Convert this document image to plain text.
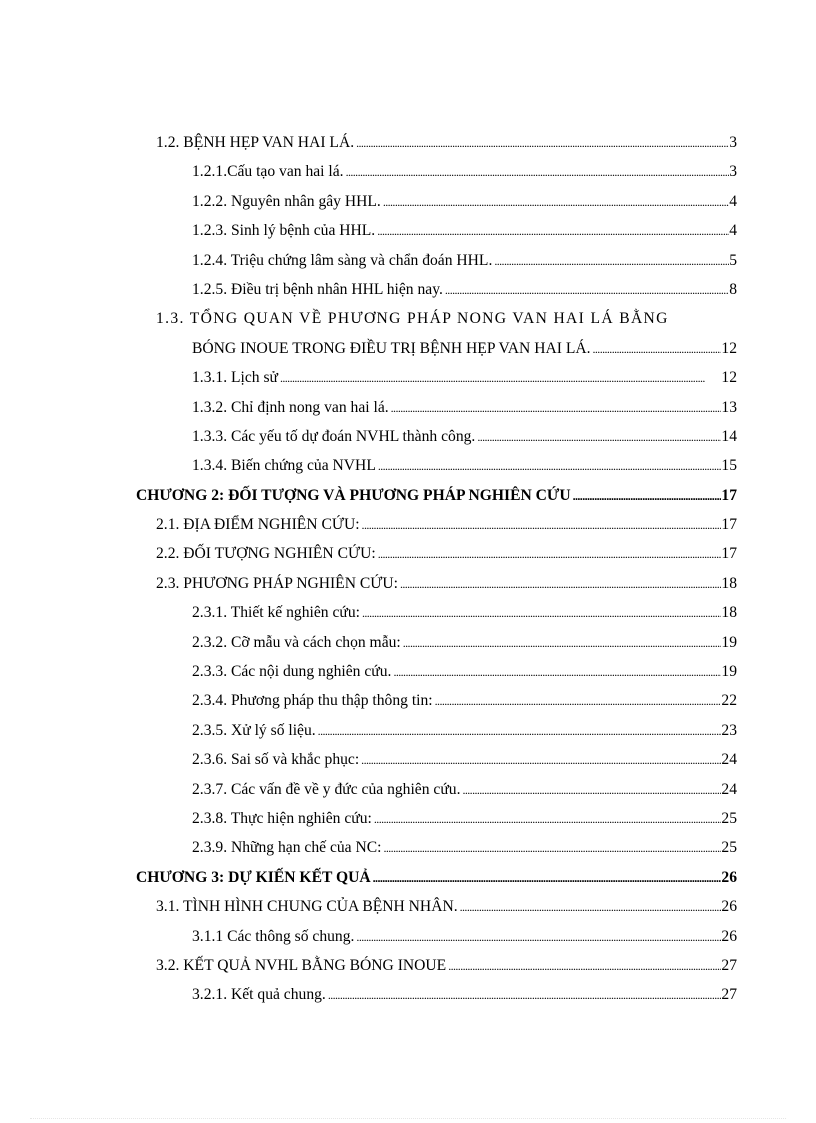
1.2. BỆNH HẸP VAN HAI LÁ. . . .	3
1.2.1.Cấu tạo van hai lá. . . .	3
1.2.2. Nguyên nhân gây HHL. . . .	4
1.2.3. Sinh lý bệnh của HHL. . . .	4
1.2.4. Triệu chứng lâm sàng và chẩn đoán HHL. . . .	5
1.2.5. Điều trị bệnh nhân HHL hiện nay. . . .	8
1.3. TỔNG QUAN VỀ PHƯƠNG PHÁP NONG VAN HAI LÁ BẰNG
BÓNG INOUE TRONG ĐIỀU TRỊ BỆNH HẸP VAN HAI LÁ. . . .	12
1.3.1. Lịch sử . . .	12
1.3.2. Chỉ định nong van hai lá. . . .	13
1.3.3. Các yếu tố dự đoán NVHL thành công. . . .	14
1.3.4. Biến chứng của NVHL . . .	15
CHƯƠNG 2: ĐỐI TƯỢNG VÀ PHƯƠNG PHÁP NGHIÊN CỨU . . .	17
2.1. ĐỊA ĐIỂM NGHIÊN CỨU: . . .	17
2.2. ĐỐI TƯỢNG NGHIÊN CỨU: . . .	17
2.3. PHƯƠNG PHÁP NGHIÊN CỨU: . . .	18
2.3.1. Thiết kế nghiên cứu: . . .	18
2.3.2. Cỡ mẫu và cách chọn mẫu: . . .	19
2.3.3. Các nội dung nghiên cứu. . . .	19
2.3.4. Phương pháp thu thập thông tin: . . .	22
2.3.5. Xử lý số liệu. . . .	23
2.3.6. Sai số và khắc phục: . . .	24
2.3.7. Các vấn đề về y đức của nghiên cứu. . . .	24
2.3.8. Thực hiện nghiên cứu: . . .	25
2.3.9. Những hạn chế của NC: . . .	25
CHƯƠNG 3: DỰ KIẾN KẾT QUẢ . . .	26
3.1. TÌNH HÌNH CHUNG CỦA BỆNH NHÂN. . . .	26
3.1.1 Các thông số chung. . . .	26
3.2. KẾT QUẢ NVHL BẰNG BÓNG INOUE . . .	27
3.2.1. Kết quả chung. . . .	27
